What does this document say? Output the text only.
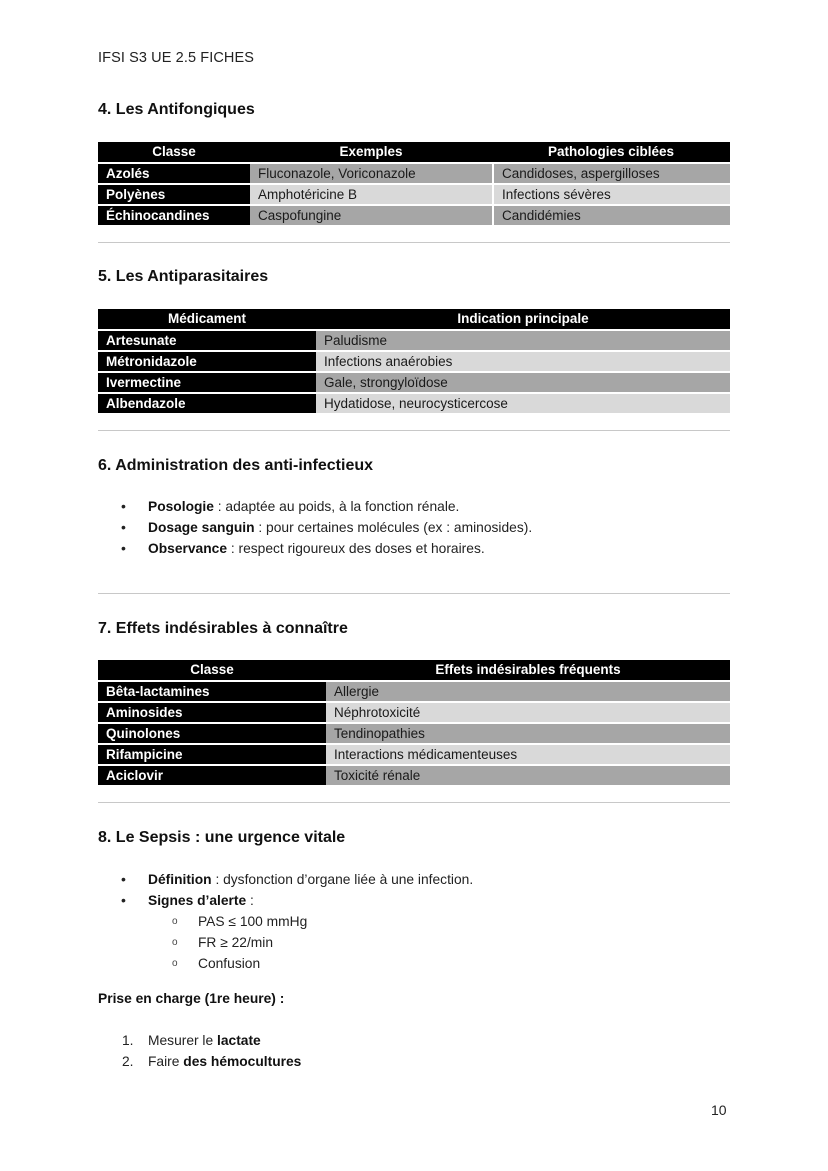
IFSI S3 UE 2.5 FICHES
4. Les Antifongiques
Classe	Exemples	Pathologies ciblées
Azolés	Fluconazole, Voriconazole	Candidoses, aspergilloses
Polyènes	Amphotéricine B	Infections sévères
Échinocandines	Caspofungine	Candidémies
5. Les Antiparasitaires
Médicament	Indication principale
Artesunate	Paludisme
Métronidazole	Infections anaérobies
Ivermectine	Gale, strongyloïdose
Albendazole	Hydatidose, neurocysticercose
6. Administration des anti-infectieux
• Posologie : adaptée au poids, à la fonction rénale.
• Dosage sanguin : pour certaines molécules (ex : aminosides).
• Observance : respect rigoureux des doses et horaires.
7. Effets indésirables à connaître
Classe	Effets indésirables fréquents
Bêta-lactamines	Allergie
Aminosides	Néphrotoxicité
Quinolones	Tendinopathies
Rifampicine	Interactions médicamenteuses
Aciclovir	Toxicité rénale
8. Le Sepsis : une urgence vitale
• Définition : dysfonction d’organe liée à une infection.
• Signes d’alerte :
o PAS ≤ 100 mmHg
o FR ≥ 22/min
o Confusion
Prise en charge (1re heure) :
1. Mesurer le lactate
2. Faire des hémocultures
10
